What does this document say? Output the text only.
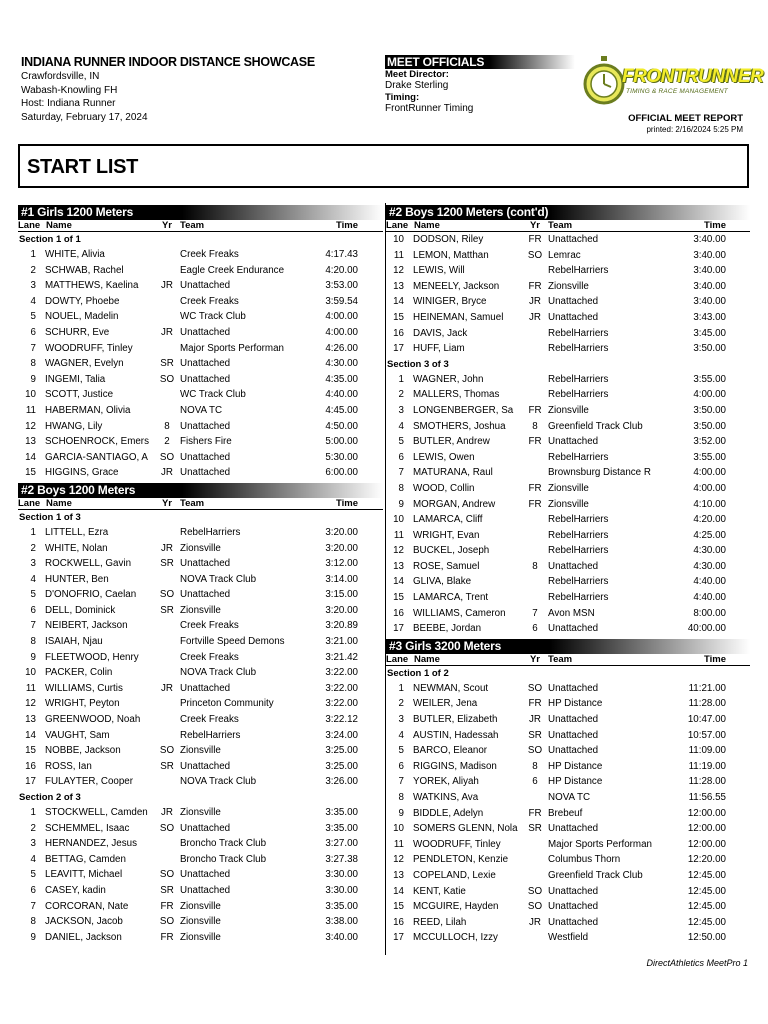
INDIANA RUNNER INDOOR DISTANCE SHOWCASE
Crawfordsville, IN
Wabash-Knowling FH
Host: Indiana Runner
Saturday, February 17, 2024
MEET OFFICIALS
Meet Director:
Drake Sterling
Timing:
FrontRunner Timing
FRONTRUNNER
TIMING & RACE MANAGEMENT
OFFICIAL MEET REPORT
printed: 2/16/2024 5:25 PM
START LIST
#1 Girls 1200 Meters
Lane Name	Yr Team	Time
Section 1 of 1
1 WHITE, Alivia	Creek Freaks	4:17.43
2 SCHWAB, Rachel	Eagle Creek Endurance	4:20.00
3 MATTHEWS, Kaelina	JR Unattached	3:53.00
4 DOWTY, Phoebe	Creek Freaks	3:59.54
5 NOUEL, Madelin	WC Track Club	4:00.00
6 SCHURR, Eve	JR Unattached	4:00.00
7 WOODRUFF, Tinley	Major Sports Performan	4:26.00
8 WAGNER, Evelyn	SR Unattached	4:30.00
9 INGEMI, Talia	SO Unattached	4:35.00
10 SCOTT, Justice	WC Track Club	4:40.00
11 HABERMAN, Olivia	NOVA TC	4:45.00
12 HWANG, Lily	8	Unattached	4:50.00
13 SCHOENROCK, Emers	2	Fishers Fire	5:00.00
14 GARCIA-SANTIAGO, A	SO Unattached	5:30.00
15 HIGGINS, Grace	JR Unattached	6:00.00
#2 Boys 1200 Meters
Lane Name	Yr Team	Time
Section 1 of 3
1 LITTELL, Ezra	RebelHarriers	3:20.00
2 WHITE, Nolan	JR Zionsville	3:20.00
3 ROCKWELL, Gavin	SR Unattached	3:12.00
4 HUNTER, Ben	NOVA Track Club	3:14.00
5 D'ONOFRIO, Caelan	SO Unattached	3:15.00
6 DELL, Dominick	SR Zionsville	3:20.00
7 NEIBERT, Jackson	Creek Freaks	3:20.89
8 ISAIAH, Njau	Fortville Speed Demons	3:21.00
9 FLEETWOOD, Henry	Creek Freaks	3:21.42
10 PACKER, Colin	NOVA Track Club	3:22.00
11 WILLIAMS, Curtis	JR Unattached	3:22.00
12 WRIGHT, Peyton	Princeton Community	3:22.00
13 GREENWOOD, Noah	Creek Freaks	3:22.12
14 VAUGHT, Sam	RebelHarriers	3:24.00
15 NOBBE, Jackson	SO Zionsville	3:25.00
16 ROSS, Ian	SR Unattached	3:25.00
17 FULAYTER, Cooper	NOVA Track Club	3:26.00
Section 2 of 3
1 STOCKWELL, Camden	JR Zionsville	3:35.00
2 SCHEMMEL, Isaac	SO Unattached	3:35.00
3 HERNANDEZ, Jesus	Broncho Track Club	3:27.00
4 BETTAG, Camden	Broncho Track Club	3:27.38
5 LEAVITT, Michael	SO Unattached	3:30.00
6 CASEY, kadin	SR Unattached	3:30.00
7 CORCORAN, Nate	FR Zionsville	3:35.00
8 JACKSON, Jacob	SO Zionsville	3:38.00
9 DANIEL, Jackson	FR Zionsville	3:40.00
#2 Boys 1200 Meters (cont'd)
Lane Name	Yr Team	Time
10 DODSON, Riley	FR Unattached	3:40.00
11 LEMON, Matthan	SO Lemrac	3:40.00
12 LEWIS, Will	RebelHarriers	3:40.00
13 MENEELY, Jackson	FR Zionsville	3:40.00
14 WINIGER, Bryce	JR Unattached	3:40.00
15 HEINEMAN, Samuel	JR Unattached	3:43.00
16 DAVIS, Jack	RebelHarriers	3:45.00
17 HUFF, Liam	RebelHarriers	3:50.00
Section 3 of 3
1 WAGNER, John	RebelHarriers	3:55.00
2 MALLERS, Thomas	RebelHarriers	4:00.00
3 LONGENBERGER, Sa	FR Zionsville	3:50.00
4 SMOTHERS, Joshua	8	Greenfield Track Club	3:50.00
5 BUTLER, Andrew	FR Unattached	3:52.00
6 LEWIS, Owen	RebelHarriers	3:55.00
7 MATURANA, Raul	Brownsburg Distance R	4:00.00
8 WOOD, Collin	FR Zionsville	4:00.00
9 MORGAN, Andrew	FR Zionsville	4:10.00
10 LAMARCA, Cliff	RebelHarriers	4:20.00
11 WRIGHT, Evan	RebelHarriers	4:25.00
12 BUCKEL, Joseph	RebelHarriers	4:30.00
13 ROSE, Samuel	8	Unattached	4:30.00
14 GLIVA, Blake	RebelHarriers	4:40.00
15 LAMARCA, Trent	RebelHarriers	4:40.00
16 WILLIAMS, Cameron	7	Avon MSN	8:00.00
17 BEEBE, Jordan	6	Unattached	40:00.00
#3 Girls 3200 Meters
Lane Name	Yr Team	Time
Section 1 of 2
1 NEWMAN, Scout	SO Unattached	11:21.00
2 WEILER, Jena	FR HP Distance	11:28.00
3 BUTLER, Elizabeth	JR Unattached	10:47.00
4 AUSTIN, Hadessah	SR Unattached	10:57.00
5 BARCO, Eleanor	SO Unattached	11:09.00
6 RIGGINS, Madison	8	HP Distance	11:19.00
7 YOREK, Aliyah	6	HP Distance	11:28.00
8 WATKINS, Ava	NOVA TC	11:56.55
9 BIDDLE, Adelyn	FR Brebeuf	12:00.00
10 SOMERS GLENN, Nola	SR Unattached	12:00.00
11 WOODRUFF, Tinley	Major Sports Performan	12:00.00
12 PENDLETON, Kenzie	Columbus Thorn	12:20.00
13 COPELAND, Lexie	Greenfield Track Club	12:45.00
14 KENT, Katie	SO Unattached	12:45.00
15 MCGUIRE, Hayden	SO Unattached	12:45.00
16 REED, Lilah	JR Unattached	12:45.00
17 MCCULLOCH, Izzy	Westfield	12:50.00
DirectAthletics MeetPro 1
